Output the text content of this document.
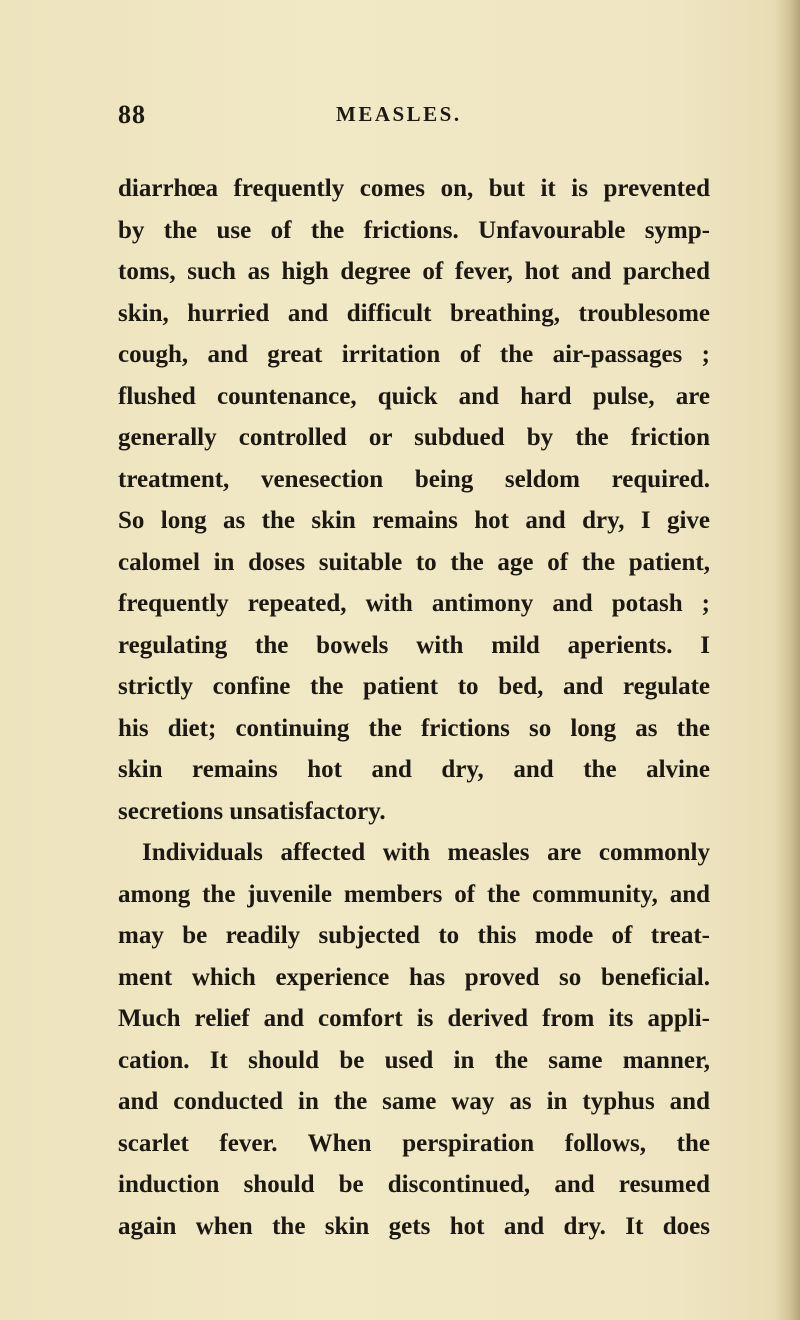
88	MEASLES.
diarrhœa frequently comes on, but it is prevented
by the use of the frictions. Unfavourable symp-
toms, such as high degree of fever, hot and parched
skin, hurried and difficult breathing, troublesome
cough, and great irritation of the air-passages ;
flushed countenance, quick and hard pulse, are
generally controlled or subdued by the friction
treatment, venesection being seldom required.
So long as the skin remains hot and dry, I give
calomel in doses suitable to the age of the patient,
frequently repeated, with antimony and potash ;
regulating the bowels with mild aperients. I
strictly confine the patient to bed, and regulate
his diet; continuing the frictions so long as the
skin remains hot and dry, and the alvine
secretions unsatisfactory.
Individuals affected with measles are commonly
among the juvenile members of the community, and
may be readily subjected to this mode of treat-
ment which experience has proved so beneficial.
Much relief and comfort is derived from its appli-
cation. It should be used in the same manner,
and conducted in the same way as in typhus and
scarlet fever. When perspiration follows, the
induction should be discontinued, and resumed
again when the skin gets hot and dry. It does
